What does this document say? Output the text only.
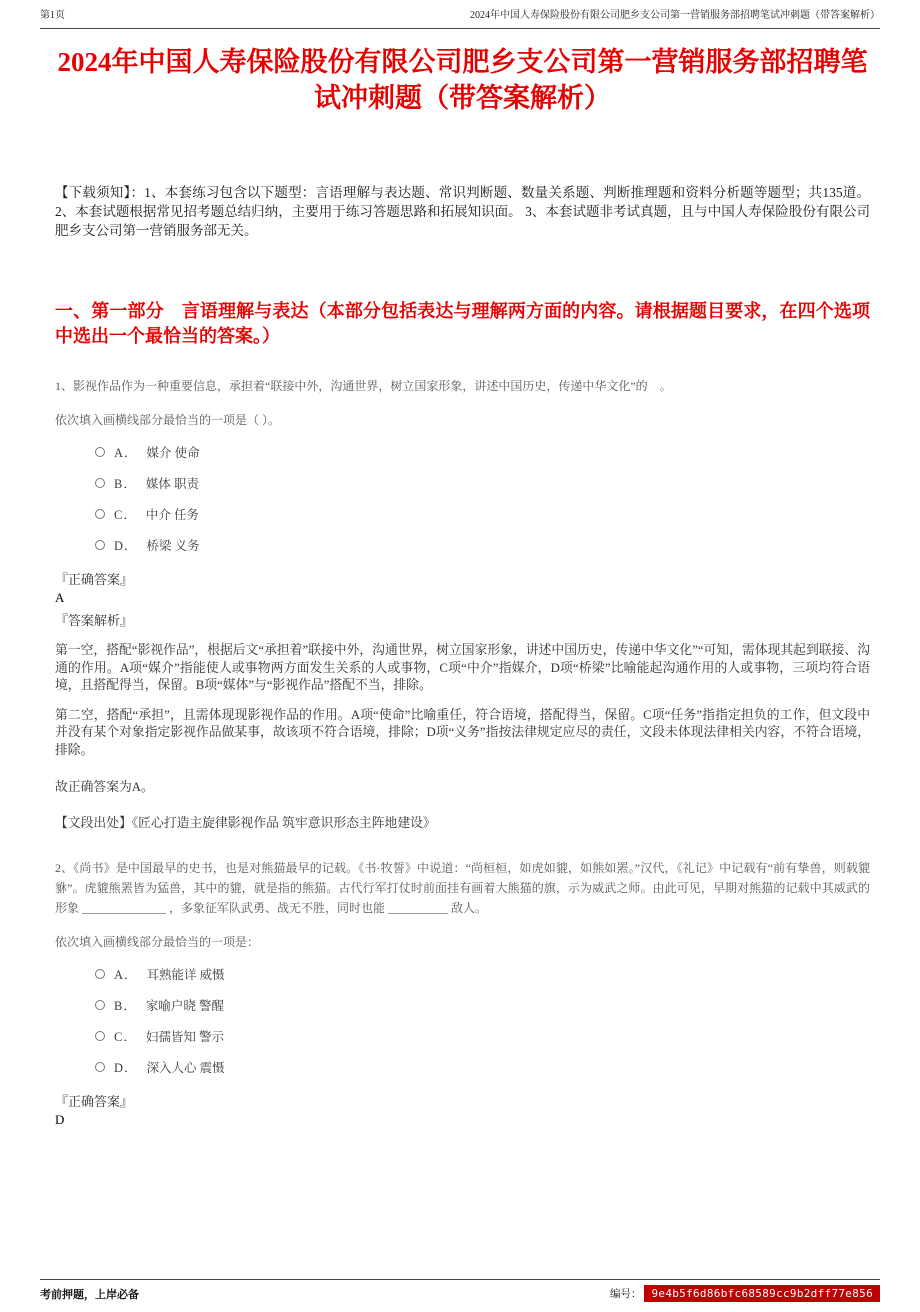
第1页	2024年中国人寿保险股份有限公司肥乡支公司第一营销服务部招聘笔试冲刺题（带答案解析）
2024年中国人寿保险股份有限公司肥乡支公司第一营销服务部招聘笔试冲刺题（带答案解析）

【下载须知】：1、本套练习包含以下题型：言语理解与表达题、常识判断题、数量关系题、判断推理题和资料分析题等题型；共135道。 2、本套试题根据常见招考题总结归纳，主要用于练习答题思路和拓展知识面。 3、本套试题非考试真题，且与中国人寿保险股份有限公司肥乡支公司第一营销服务部无关。

一、第一部分　言语理解与表达（本部分包括表达与理解两方面的内容。请根据题目要求，在四个选项中选出一个最恰当的答案。）

1、影视作品作为一种重要信息，承担着“联接中外，沟通世界，树立国家形象，讲述中国历史，传递中华文化”的　。

依次填入画横线部分最恰当的一项是（ ）。

A． 媒介 使命
B． 媒体 职责
C． 中介 任务
D． 桥梁 义务

『正确答案』

A

『答案解析』

第一空，搭配“影视作品”，根据后文“承担着”联接中外，沟通世界，树立国家形象，讲述中国历史，传递中华文化”“可知，需体现其起到联接、沟通的作用。A项“媒介”指能使人或事物两方面发生关系的人或事物，C项“中介”指媒介，D项“桥梁”比喻能起沟通作用的人或事物，三项均符合语境，且搭配得当，保留。B项“媒体”与“影视作品”搭配不当，排除。

第二空，搭配“承担”，且需体现现影视作品的作用。A项“使命”比喻重任，符合语境，搭配得当，保留。C项“任务”指指定担负的工作，但文段中并没有某个对象指定影视作品做某事，故该项不符合语境，排除；D项“义务”指按法律规定应尽的责任，文段未体现法律相关内容，不符合语境，排除。

故正确答案为A。

【文段出处】《匠心打造主旋律影视作品 筑牢意识形态主阵地建设》

2、《尚书》是中国最早的史书，也是对熊猫最早的记载。《书·牧誓》中说道：“尚桓桓，如虎如貔，如熊如罴。”汉代，《礼记》中记载有“前有挚兽，则载貔貅”。虎貔熊罴皆为猛兽，其中的貔，就是指的熊猫。古代行军打仗时前面挂有画着大熊猫的旗，示为威武之师。由此可见，早期对熊猫的记载中其威武的形象 ______________ ，多象征军队武勇、战无不胜，同时也能 __________ 敌人。

依次填入画横线部分最恰当的一项是：

A． 耳熟能详 威慑
B． 家喻户晓 警醒
C． 妇孺皆知 警示
D． 深入人心 震慑

『正确答案』

D

考前押题，上岸必备	编号： 9e4b5f6d86bfc68589cc9b2dff77e856
